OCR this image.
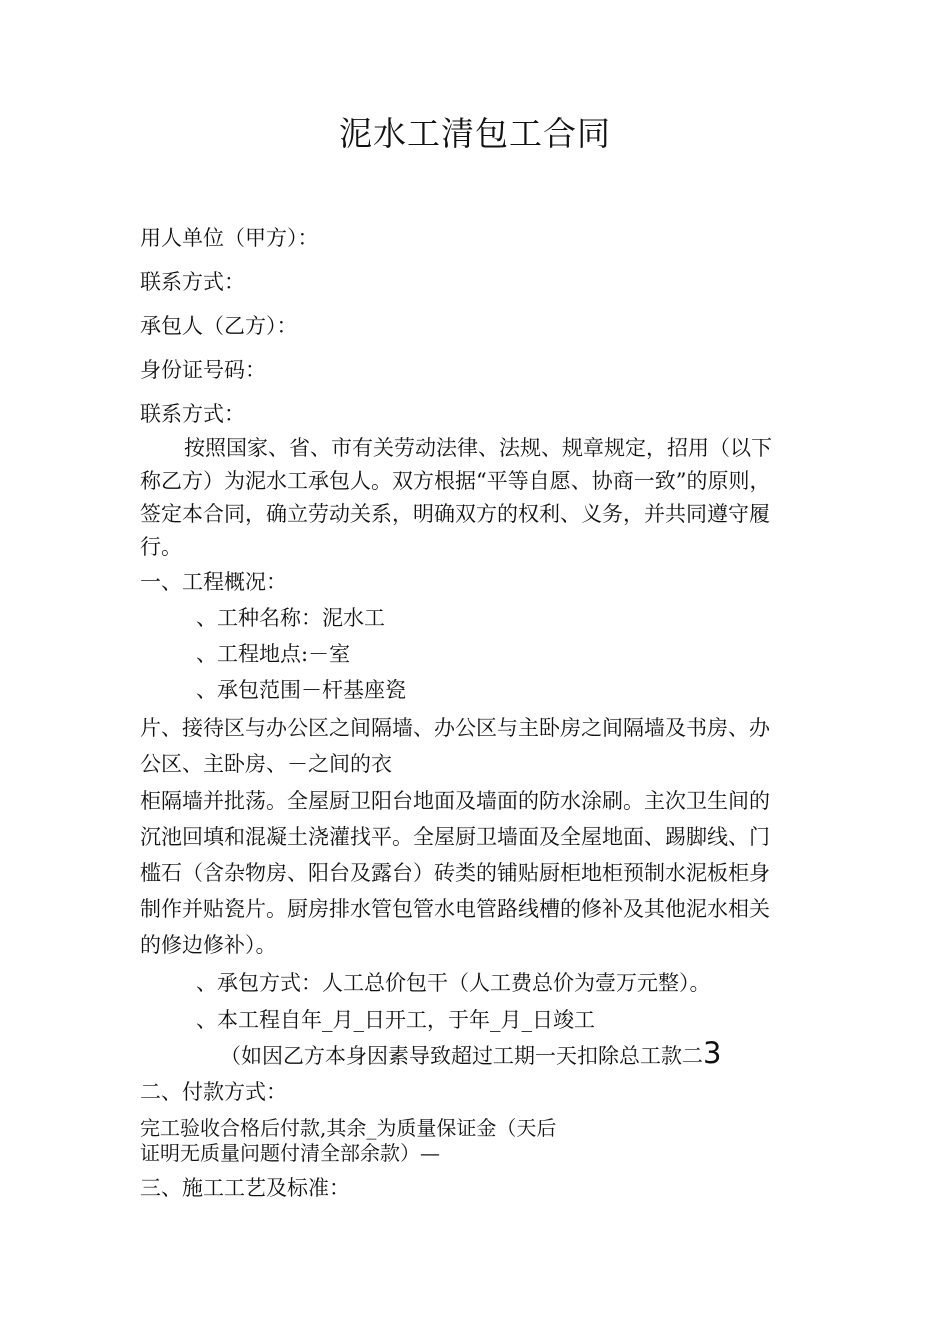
泥水工清包工合同
用人单位（甲方）：
联系方式：
承包人（乙方）：
身份证号码：
联系方式：
按照国家、省、市有关劳动法律、法规、规章规定，招用（以下
称乙方）为泥水工承包人。双方根据“平等自愿、协商一致”的原则，
签定本合同，确立劳动关系，明确双方的权利、义务，并共同遵守履
行。
一、工程概况：
、工种名称：泥水工
、工程地点:－室
、承包范围－杆基座瓷
片、接待区与办公区之间隔墙、办公区与主卧房之间隔墙及书房、办
公区、主卧房、－之间的衣
柜隔墙并批荡。全屋厨卫阳台地面及墙面的防水涂刷。主次卫生间的
沉池回填和混凝土浇灌找平。全屋厨卫墙面及全屋地面、踢脚线、门
槛石（含杂物房、阳台及露台）砖类的铺贴厨柜地柜预制水泥板柜身
制作并贴瓷片。厨房排水管包管水电管路线槽的修补及其他泥水相关
的修边修补）。
、承包方式：人工总价包干（人工费总价为壹万元整）。
、本工程自年_月_日开工，于年_月_日竣工
（如因乙方本身因素导致超过工期一天扣除总工款二3
二、付款方式：
完工验收合格后付款,其余_为质量保证金（天后
证明无质量问题付清全部余款）—
三、施工工艺及标准：
